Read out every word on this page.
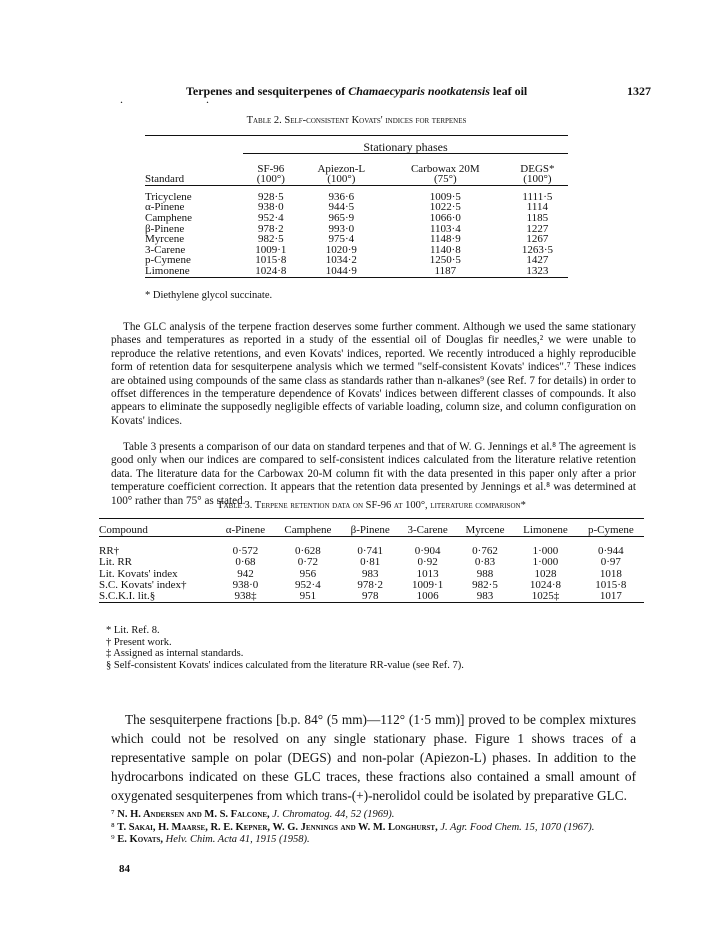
. .
Terpenes and sesquiterpenes of Chamaecyparis nootkatensis leaf oil	1327
Table 2. Self-consistent Kovats' indices for terpenes

	Stationary phases			

	SF-96	Apiezon-L	Carbowax 20M	DEGS*
Standard	(100°)	(100°)	(75°)	(100°)

Tricyclene	928·5	936·6	1009·5	1111·5
α-Pinene	938·0	944·5	1022·5	1114
Camphene	952·4	965·9	1066·0	1185
β-Pinene	978·2	993·0	1103·4	1227
Myrcene	982·5	975·4	1148·9	1267
3-Carene	1009·1	1020·9	1140·8	1263·5
p-Cymene	1015·8	1034·2	1250·5	1427
Limonene	1024·8	1044·9	1187	1323

* Diethylene glycol succinate.
The GLC analysis of the terpene fraction deserves some further comment. Although we used the same stationary phases and temperatures as reported in a study of the essential oil of Douglas fir needles,² we were unable to reproduce the relative retentions, and even Kovats' indices, reported. We recently introduced a highly reproducible form of retention data for sesquiterpene analysis which we termed "self-consistent Kovats' indices".⁷ These indices are obtained using compounds of the same class as standards rather than n-alkanes⁹ (see Ref. 7 for details) in order to offset differences in the temperature dependence of Kovats' indices between different classes of compounds. It also appears to eliminate the supposedly negligible effects of variable loading, column size, and column configuration on Kovats' indices.
Table 3 presents a comparison of our data on standard terpenes and that of W. G. Jennings et al.⁸ The agreement is good only when our indices are compared to self-consistent indices calculated from the literature relative retention data. The literature data for the Carbowax 20-M column fit with the data presented in this paper only after a prior temperature coefficient correction. It appears that the retention data presented by Jennings et al.⁸ was determined at 100° rather than 75° as stated.
Table 3. Terpene retention data on SF-96 at 100°, literature comparison*

Compound	α-Pinene	Camphene	β-Pinene	3-Carene	Myrcene	Limonene	p-Cymene

RR†	0·572	0·628	0·741	0·904	0·762	1·000	0·944
Lit. RR	0·68	0·72	0·81	0·92	0·83	1·000	0·97
Lit. Kovats' index	942	956	983	1013	988	1028	1018
S.C. Kovats' index†	938·0	952·4	978·2	1009·1	982·5	1024·8	1015·8
S.C.K.I. lit.§	938‡	951	978	1006	983	1025‡	1017

* Lit. Ref. 8.
† Present work.
‡ Assigned as internal standards.
§ Self-consistent Kovats' indices calculated from the literature RR-value (see Ref. 7).
The sesquiterpene fractions [b.p. 84° (5 mm)—112° (1·5 mm)] proved to be complex mixtures which could not be resolved on any single stationary phase. Figure 1 shows traces of a representative sample on polar (DEGS) and non-polar (Apiezon-L) phases. In addition to the hydrocarbons indicated on these GLC traces, these fractions also contained a small amount of oxygenated sesquiterpenes from which trans-(+)-nerolidol could be isolated by preparative GLC.
⁷ N. H. Andersen and M. S. Falcone, J. Chromatog. 44, 52 (1969).
⁸ T. Sakai, H. Maarse, R. E. Kepner, W. G. Jennings and W. M. Longhurst, J. Agr. Food Chem. 15, 1070 (1967).
⁹ E. Kovats, Helv. Chim. Acta 41, 1915 (1958).
84
